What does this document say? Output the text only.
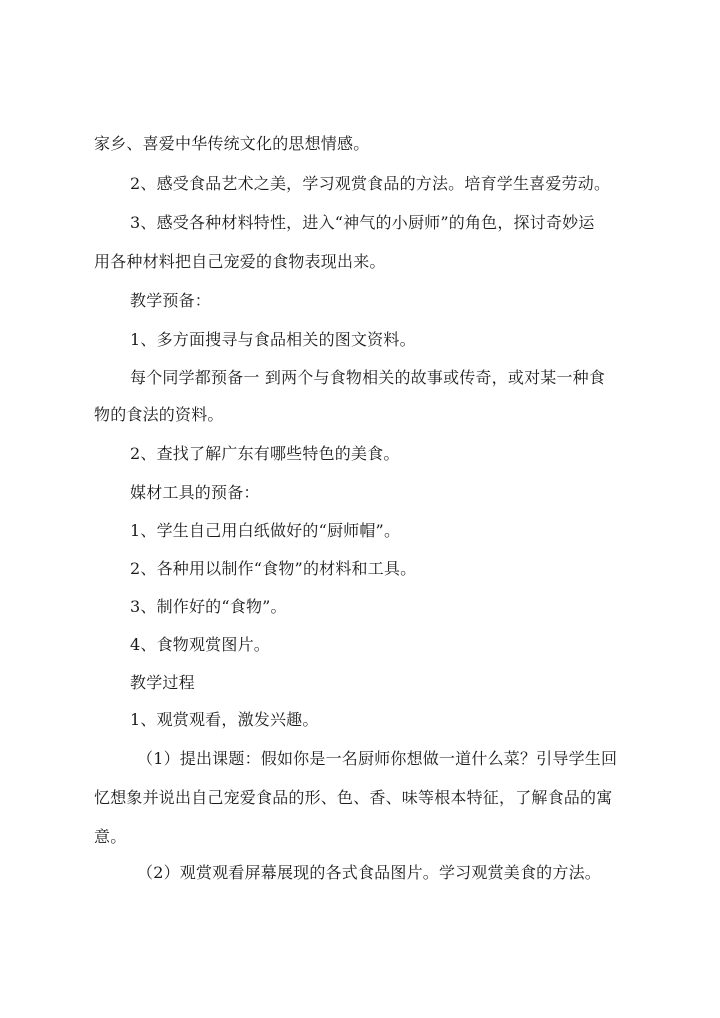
家乡、喜爱中华传统文化的思想情感。
2、感受食品艺术之美，学习观赏食品的方法。培育学生喜爱劳动。
3、感受各种材料特性，进入“神气的小厨师”的角色，探讨奇妙运
用各种材料把自己宠爱的食物表现出来。
教学预备：
1、多方面搜寻与食品相关的图文资料。
每个同学都预备一 到两个与食物相关的故事或传奇，或对某一种食
物的食法的资料。
2、查找了解广东有哪些特色的美食。
媒材工具的预备：
1、学生自己用白纸做好的“厨师帽”。
2、各种用以制作“食物”的材料和工具。
3、制作好的“食物”。
4、食物观赏图片。
教学过程
1、观赏观看，激发兴趣。
（1）提出课题：假如你是一名厨师你想做一道什么菜？引导学生回
忆想象并说出自己宠爱食品的形、色、香、味等根本特征，了解食品的寓
意。
（2）观赏观看屏幕展现的各式食品图片。学习观赏美食的方法。
